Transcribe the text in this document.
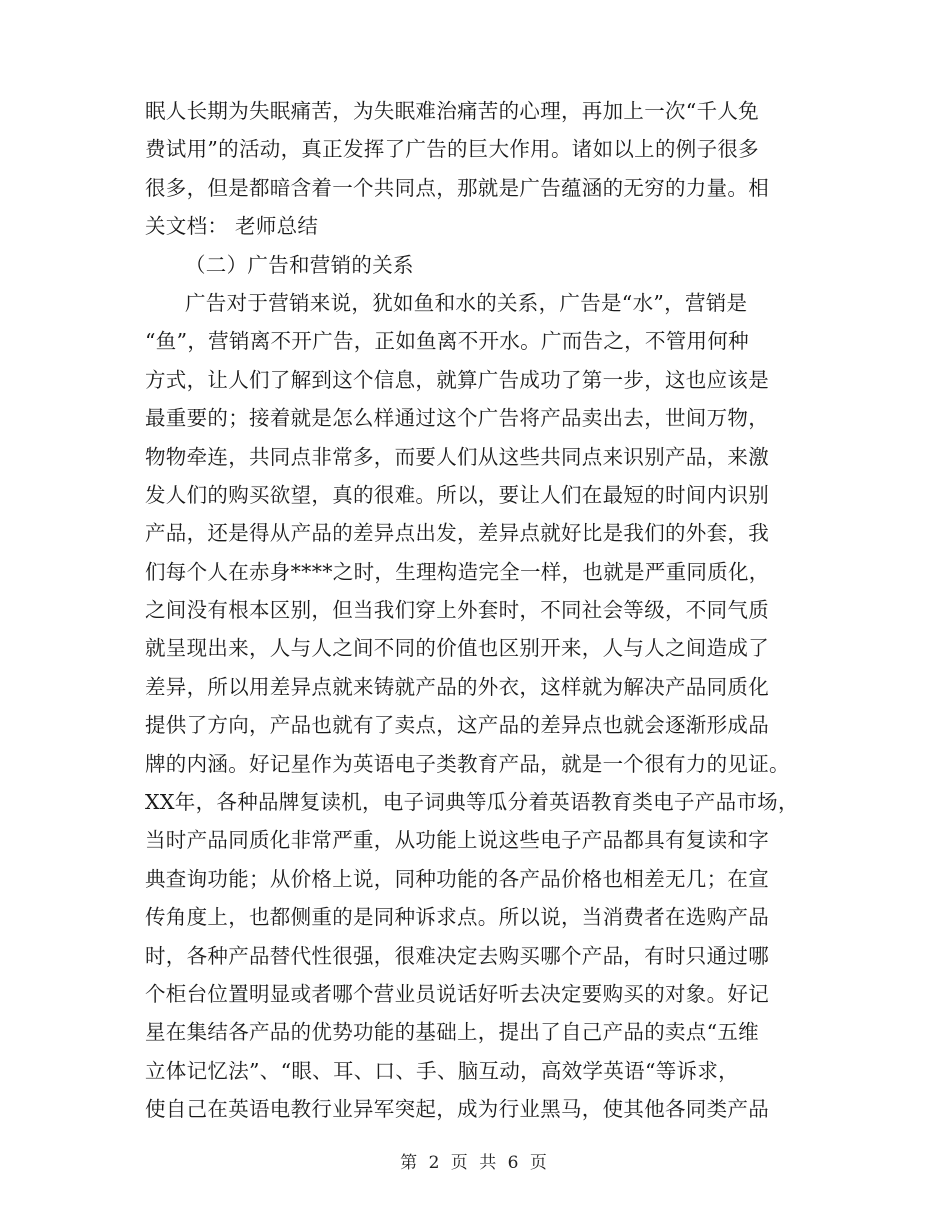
眠人长期为失眠痛苦，为失眠难治痛苦的心理，再加上一次“千人免
费试用”的活动，真正发挥了广告的巨大作用。诸如以上的例子很多
很多，但是都暗含着一个共同点，那就是广告蕴涵的无穷的力量。相
关文档： 老师总结
（二）广告和营销的关系
广告对于营销来说，犹如鱼和水的关系，广告是“水”，营销是
“鱼”，营销离不开广告，正如鱼离不开水。广而告之，不管用何种
方式，让人们了解到这个信息，就算广告成功了第一步，这也应该是
最重要的；接着就是怎么样通过这个广告将产品卖出去，世间万物，
物物牵连，共同点非常多，而要人们从这些共同点来识别产品，来激
发人们的购买欲望，真的很难。所以，要让人们在最短的时间内识别
产品，还是得从产品的差异点出发，差异点就好比是我们的外套，我
们每个人在赤身****之时，生理构造完全一样，也就是严重同质化，
之间没有根本区别，但当我们穿上外套时，不同社会等级，不同气质
就呈现出来，人与人之间不同的价值也区别开来，人与人之间造成了
差异，所以用差异点就来铸就产品的外衣，这样就为解决产品同质化
提供了方向，产品也就有了卖点，这产品的差异点也就会逐渐形成品
牌的内涵。好记星作为英语电子类教育产品，就是一个很有力的见证。
XX年，各种品牌复读机，电子词典等瓜分着英语教育类电子产品市场，
当时产品同质化非常严重，从功能上说这些电子产品都具有复读和字
典查询功能；从价格上说，同种功能的各产品价格也相差无几；在宣
传角度上，也都侧重的是同种诉求点。所以说，当消费者在选购产品
时，各种产品替代性很强，很难决定去购买哪个产品，有时只通过哪
个柜台位置明显或者哪个营业员说话好听去决定要购买的对象。好记
星在集结各产品的优势功能的基础上，提出了自己产品的卖点“五维
立体记忆法”、“眼、耳、口、手、脑互动，高效学英语“等诉求，
使自己在英语电教行业异军突起，成为行业黑马，使其他各同类产品
第 2 页 共 6 页
